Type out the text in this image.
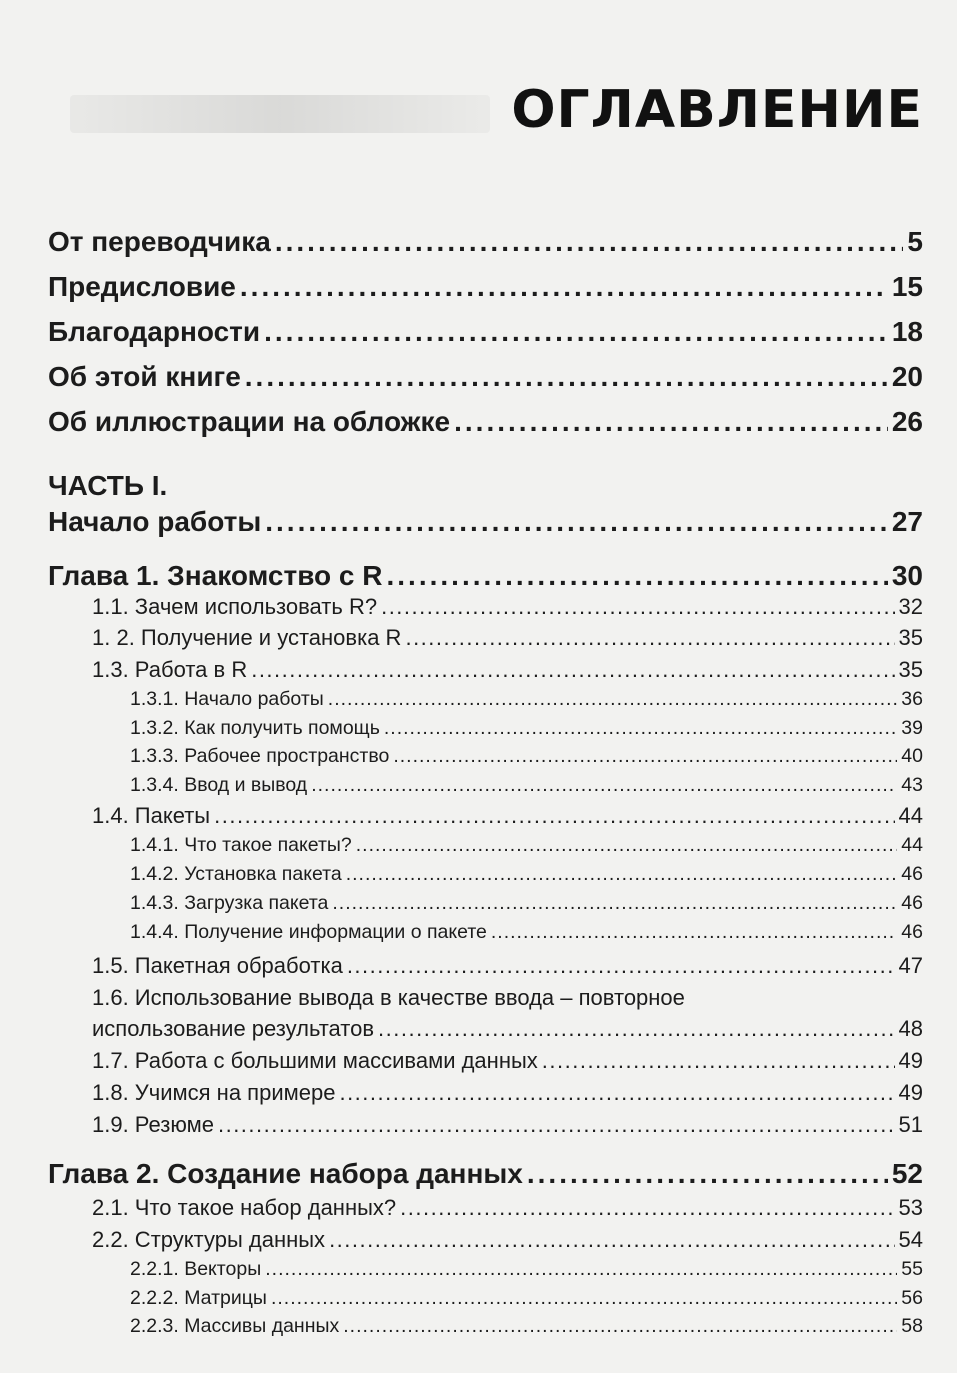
ОГЛАВЛЕНИЕ
От переводчика .....	5
Предисловие .....	15
Благодарности .....	18
Об этой книге .....	20
Об иллюстрации на обложке .....	26
ЧАСТЬ I.
Начало работы .....	27
Глава 1. Знакомство с R .....	30
1.1. Зачем использовать R? .....	32
1. 2. Получение и установка R .....	35
1.3. Работа в R .....	35
1.3.1. Начало работы .....	36
1.3.2. Как получить помощь .....	39
1.3.3. Рабочее пространство .....	40
1.3.4. Ввод и вывод .....	43
1.4. Пакеты .....	44
1.4.1. Что такое пакеты? .....	44
1.4.2. Установка пакета .....	46
1.4.3. Загрузка пакета .....	46
1.4.4. Получение информации о пакете .....	46
1.5. Пакетная обработка .....	47
1.6. Использование вывода в качестве ввода – повторное
использование результатов .....	48
1.7. Работа с большими массивами данных .....	49
1.8. Учимся на примере .....	49
1.9. Резюме .....	51
Глава 2. Создание набора данных .....	52
2.1. Что такое набор данных? .....	53
2.2. Структуры данных .....	54
2.2.1. Векторы .....	55
2.2.2. Матрицы .....	56
2.2.3. Массивы данных .....	58
